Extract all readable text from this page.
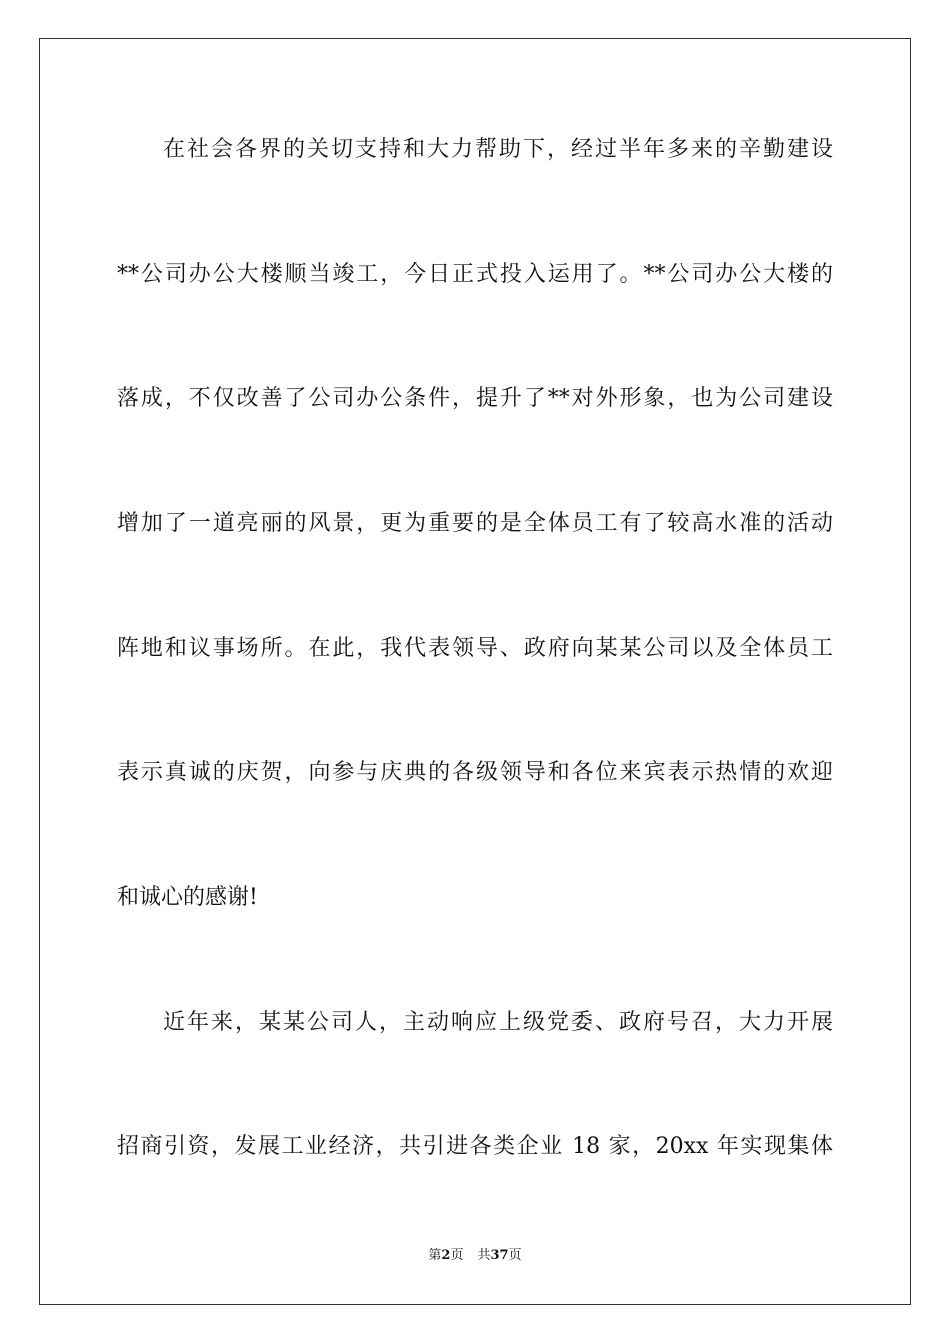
在社会各界的关切支持和大力帮助下，经过半年多来的辛勤建设
**公司办公大楼顺当竣工，今日正式投入运用了。**公司办公大楼的
落成，不仅改善了公司办公条件，提升了**对外形象，也为公司建设
增加了一道亮丽的风景，更为重要的是全体员工有了较高水准的活动
阵地和议事场所。在此，我代表领导、政府向某某公司以及全体员工
表示真诚的庆贺，向参与庆典的各级领导和各位来宾表示热情的欢迎
和诚心的感谢!
近年来，某某公司人，主动响应上级党委、政府号召，大力开展
招商引资，发展工业经济，共引进各类企业 18 家，20xx 年实现集体
第2页 共37页
